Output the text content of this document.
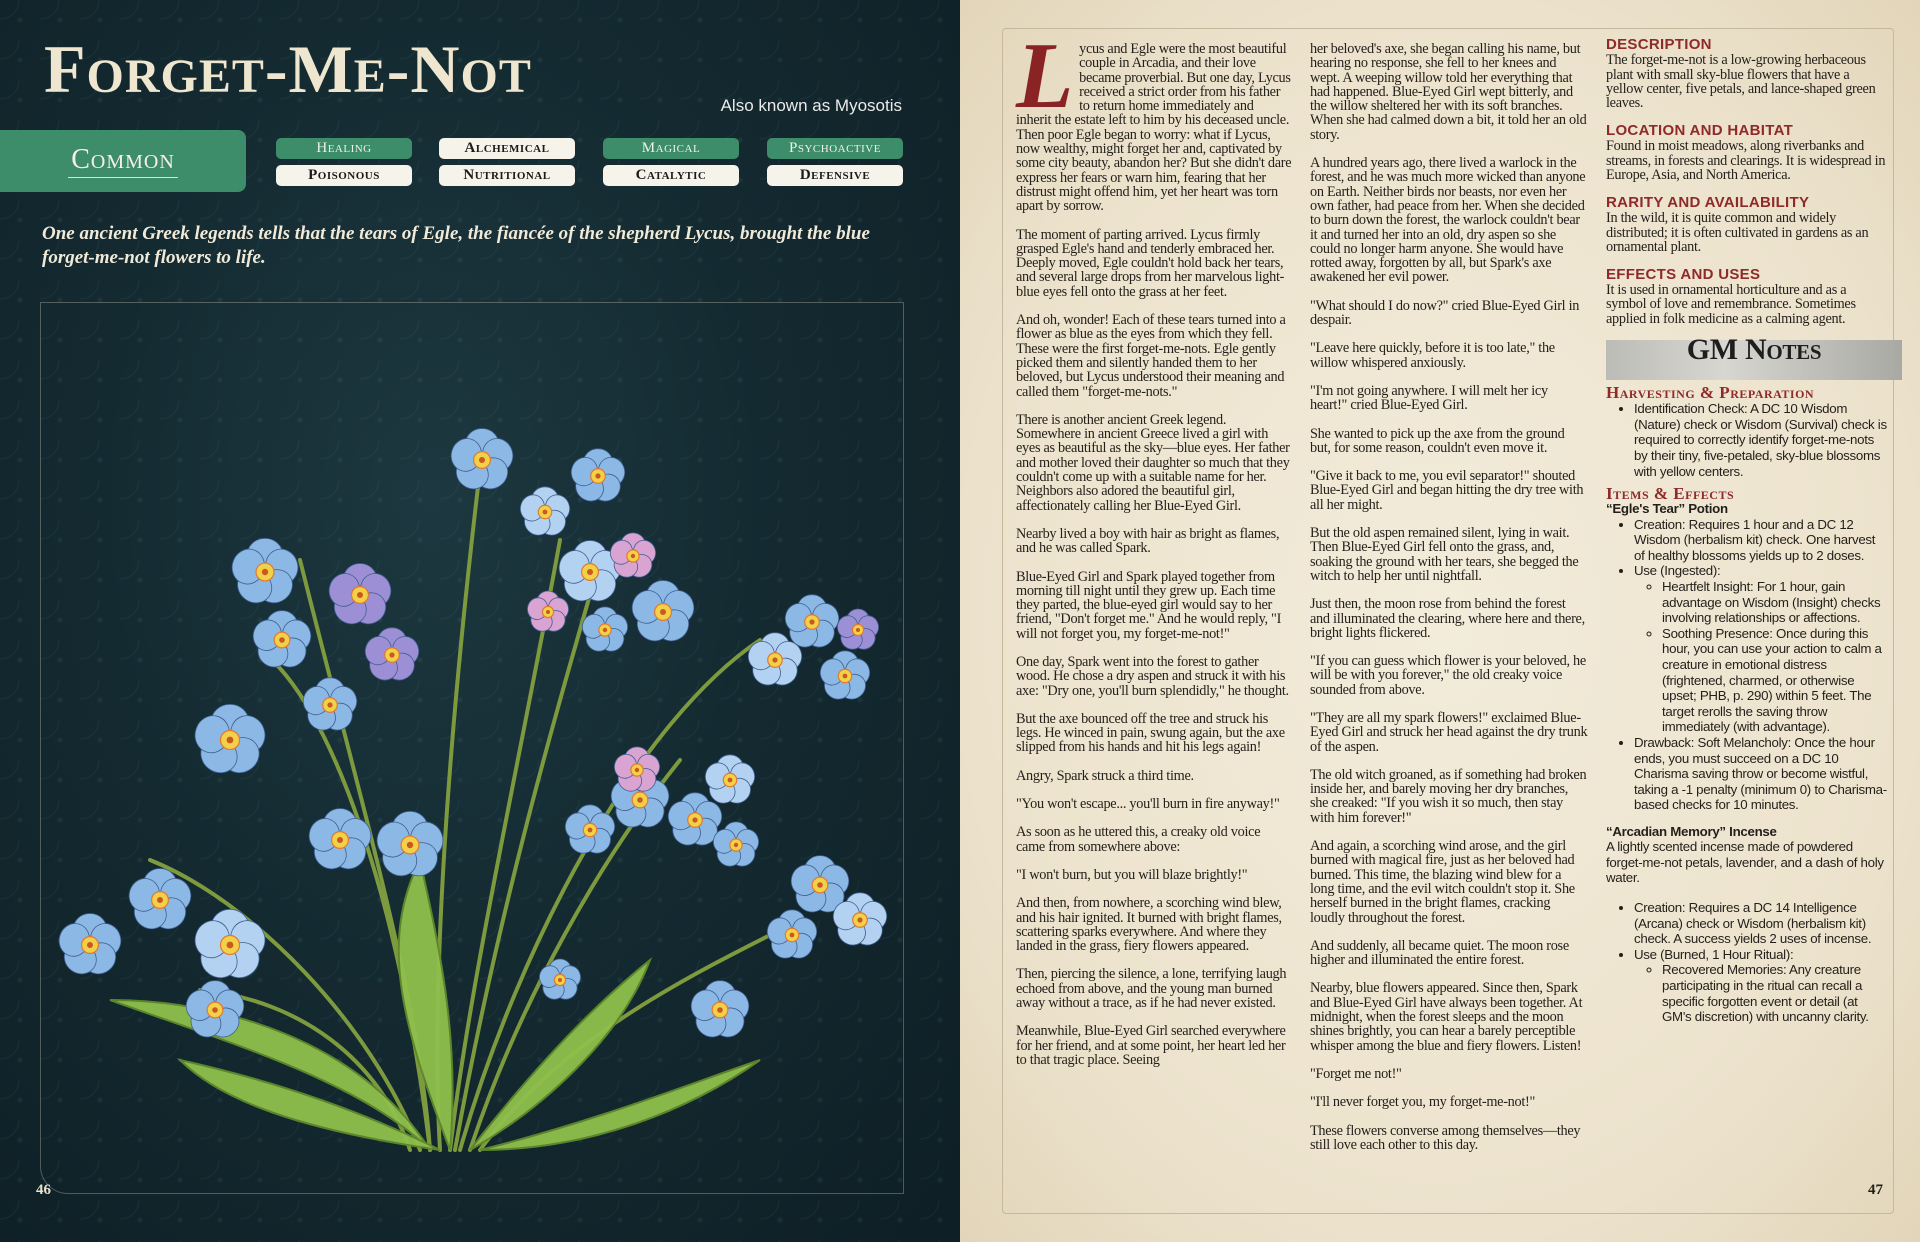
Forget-Me-Not	Also known as Myosotis
Common	Healing	Alchemical	Magical	Psychoactive
Poisonous	Nutritional	Catalytic	Defensive
One ancient Greek legends tells that the tears of Egle, the fiancée of the shepherd Lycus, brought the blue forget-me-not flowers to life.
46

Lycus and Egle were the most beautiful couple in Arcadia, and their love became proverbial. But one day, Lycus received a strict order from his father to return home immediately and inherit the estate left to him by his deceased uncle. Then poor Egle began to worry: what if Lycus, now wealthy, might forget her and, captivated by some city beauty, abandon her? But she didn't dare express her fears or warn him, fearing that her distrust might offend him, yet her heart was torn apart by sorrow.

The moment of parting arrived. Lycus firmly grasped Egle's hand and tenderly embraced her. Deeply moved, Egle couldn't hold back her tears, and several large drops from her marvelous light-blue eyes fell onto the grass at her feet.

And oh, wonder! Each of these tears turned into a flower as blue as the eyes from which they fell. These were the first forget-me-nots. Egle gently picked them and silently handed them to her beloved, but Lycus understood their meaning and called them "forget-me-nots."

There is another ancient Greek legend. Somewhere in ancient Greece lived a girl with eyes as beautiful as the sky—blue eyes. Her father and mother loved their daughter so much that they couldn't come up with a suitable name for her. Neighbors also adored the beautiful girl, affectionately calling her Blue-Eyed Girl.

Nearby lived a boy with hair as bright as flames, and he was called Spark.

Blue-Eyed Girl and Spark played together from morning till night until they grew up. Each time they parted, the blue-eyed girl would say to her friend, "Don't forget me." And he would reply, "I will not forget you, my forget-me-not!"

One day, Spark went into the forest to gather wood. He chose a dry aspen and struck it with his axe: "Dry one, you'll burn splendidly," he thought.

But the axe bounced off the tree and struck his legs. He winced in pain, swung again, but the axe slipped from his hands and hit his legs again!

Angry, Spark struck a third time.

"You won't escape... you'll burn in fire anyway!"

As soon as he uttered this, a creaky old voice came from somewhere above:

"I won't burn, but you will blaze brightly!"

And then, from nowhere, a scorching wind blew, and his hair ignited. It burned with bright flames, scattering sparks everywhere. And where they landed in the grass, fiery flowers appeared.

Then, piercing the silence, a lone, terrifying laugh echoed from above, and the young man burned away without a trace, as if he had never existed.

Meanwhile, Blue-Eyed Girl searched everywhere for her friend, and at some point, her heart led her to that tragic place. Seeing

her beloved's axe, she began calling his name, but hearing no response, she fell to her knees and wept. A weeping willow told her everything that had happened. Blue-Eyed Girl wept bitterly, and the willow sheltered her with its soft branches. When she had calmed down a bit, it told her an old story.

A hundred years ago, there lived a warlock in the forest, and he was much more wicked than anyone on Earth. Neither birds nor beasts, nor even her own father, had peace from her. When she decided to burn down the forest, the warlock couldn't bear it and turned her into an old, dry aspen so she could no longer harm anyone. She would have rotted away, forgotten by all, but Spark's axe awakened her evil power.

"What should I do now?" cried Blue-Eyed Girl in despair.

"Leave here quickly, before it is too late," the willow whispered anxiously.

"I'm not going anywhere. I will melt her icy heart!" cried Blue-Eyed Girl.

She wanted to pick up the axe from the ground but, for some reason, couldn't even move it.

"Give it back to me, you evil separator!" shouted Blue-Eyed Girl and began hitting the dry tree with all her might.

But the old aspen remained silent, lying in wait. Then Blue-Eyed Girl fell onto the grass, and, soaking the ground with her tears, she begged the witch to help her until nightfall.

Just then, the moon rose from behind the forest and illuminated the clearing, where here and there, bright lights flickered.

"If you can guess which flower is your beloved, he will be with you forever," the old creaky voice sounded from above.

"They are all my spark flowers!" exclaimed Blue-Eyed Girl and struck her head against the dry trunk of the aspen.

The old witch groaned, as if something had broken inside her, and barely moving her dry branches, she creaked: "If you wish it so much, then stay with him forever!"

And again, a scorching wind arose, and the girl burned with magical fire, just as her beloved had burned. This time, the blazing wind blew for a long time, and the evil witch couldn't stop it. She herself burned in the bright flames, cracking loudly throughout the forest.

And suddenly, all became quiet. The moon rose higher and illuminated the entire forest.

Nearby, blue flowers appeared. Since then, Spark and Blue-Eyed Girl have always been together. At midnight, when the forest sleeps and the moon shines brightly, you can hear a barely perceptible whisper among the blue and fiery flowers. Listen!

"Forget me not!"

"I'll never forget you, my forget-me-not!"

These flowers converse among themselves—they still love each other to this day.

DESCRIPTION

The forget-me-not is a low-growing herbaceous plant with small sky-blue flowers that have a yellow center, five petals, and lance-shaped green leaves.

LOCATION AND HABITAT

Found in moist meadows, along riverbanks and streams, in forests and clearings. It is widespread in Europe, Asia, and North America.

RARITY AND AVAILABILITY

In the wild, it is quite common and widely distributed; it is often cultivated in gardens as an ornamental plant.

EFFECTS AND USES

It is used in ornamental horticulture and as a symbol of love and remembrance. Sometimes applied in folk medicine as a calming agent.

GM Notes
Harvesting & Preparation
• Identification Check: A DC 10 Wisdom (Nature) check or Wisdom (Survival) check is required to correctly identify forget-me-nots by their tiny, five-petaled, sky-blue blossoms with yellow centers.
Items & Effects
“Egle's Tear” Potion
• Creation: Requires 1 hour and a DC 12 Wisdom (herbalism kit) check. One harvest of healthy blossoms yields up to 2 doses.
• Use (Ingested):
◦ Heartfelt Insight: For 1 hour, gain advantage on Wisdom (Insight) checks involving relationships or affections.
◦ Soothing Presence: Once during this hour, you can use your action to calm a creature in emotional distress (frightened, charmed, or otherwise upset; PHB, p. 290) within 5 feet. The target rerolls the saving throw immediately (with advantage).
• Drawback: Soft Melancholy: Once the hour ends, you must succeed on a DC 10 Charisma saving throw or become wistful, taking a -1 penalty (minimum 0) to Charisma-based checks for 10 minutes.
“Arcadian Memory” Incense

A lightly scented incense made of powdered forget-me-not petals, lavender, and a dash of holy water.

• Creation: Requires a DC 14 Intelligence (Arcana) check or Wisdom (herbalism kit) check. A success yields 2 uses of incense.
• Use (Burned, 1 Hour Ritual):
◦ Recovered Memories: Any creature participating in the ritual can recall a specific forgotten event or detail (at GM's discretion) with uncanny clarity.
47
